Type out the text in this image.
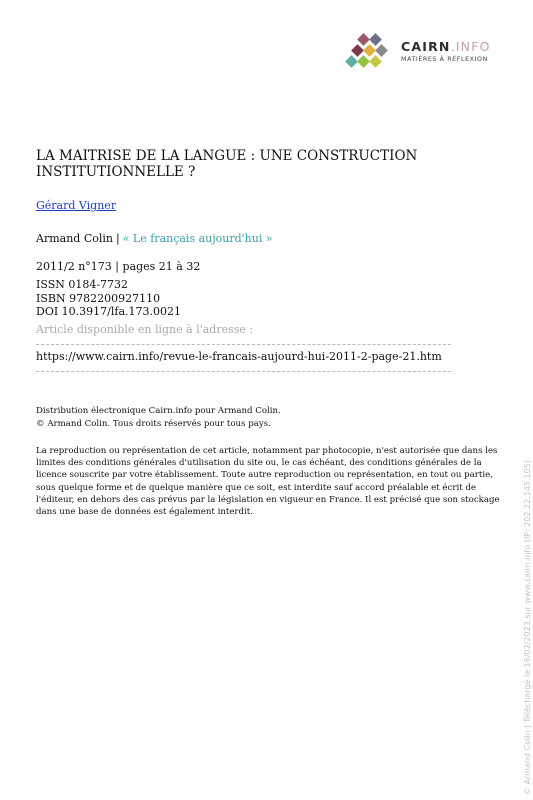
CAIRN.INFO
MATIÈRES À RÉFLEXION
LA MAITRISE DE LA LANGUE : UNE CONSTRUCTION INSTITUTIONNELLE ?
Gérard Vigner
Armand Colin | « Le français aujourd'hui »
2011/2 n°173 | pages 21 à 32
ISSN 0184-7732
ISBN 9782200927110
DOI 10.3917/lfa.173.0021
Article disponible en ligne à l'adresse :
https://www.cairn.info/revue-le-francais-aujourd-hui-2011-2-page-21.htm
Distribution électronique Cairn.info pour Armand Colin.
© Armand Colin. Tous droits réservés pour tous pays.

La reproduction ou représentation de cet article, notamment par photocopie, n'est autorisée que dans les limites des conditions générales d'utilisation du site ou, le cas échéant, des conditions générales de la licence souscrite par votre établissement. Toute autre reproduction ou représentation, en tout ou partie, sous quelque forme et de quelque manière que ce soit, est interdite sauf accord préalable et écrit de l'éditeur, en dehors des cas prévus par la législation en vigueur en France. Il est précisé que son stockage dans une base de données est également interdit.	© Armand Colin | Téléchargé le 16/02/2023 sur www.cairn.info (IP: 202.22.145.105)
